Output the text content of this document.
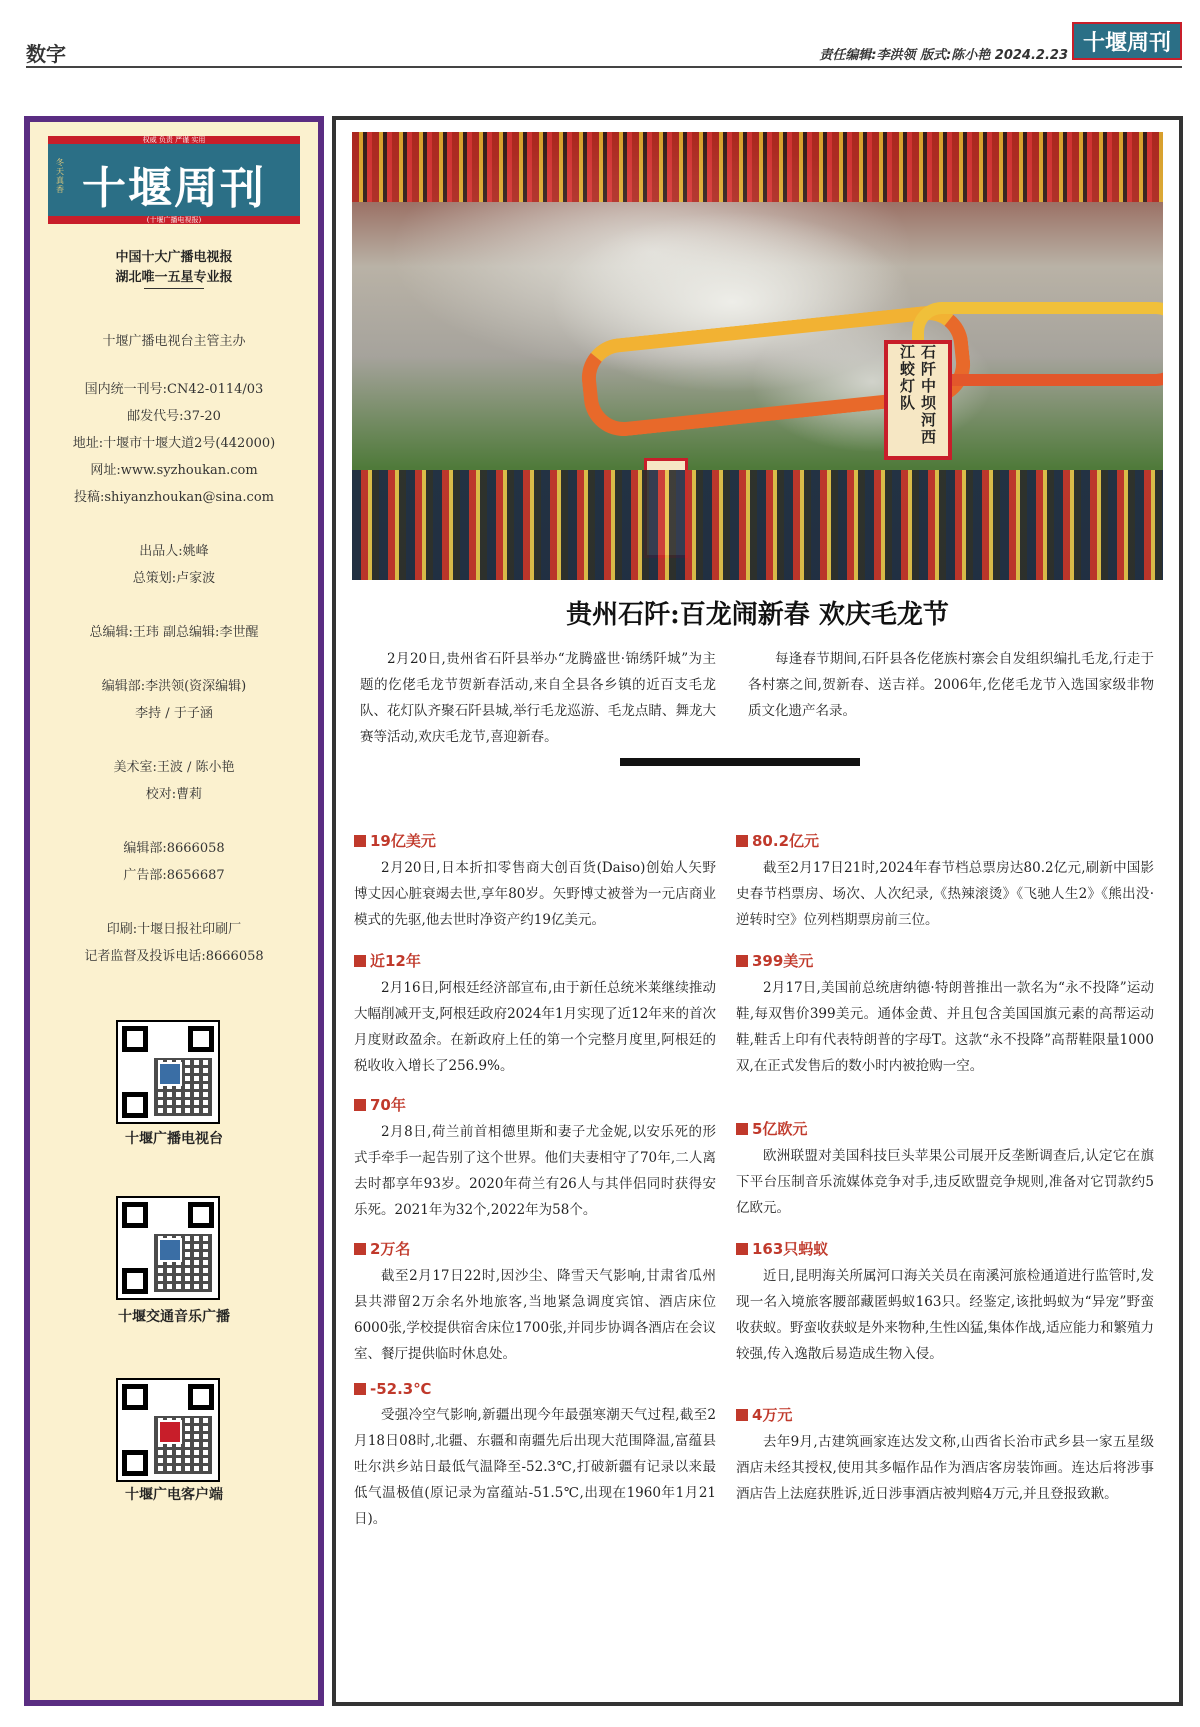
数字	责任编辑:李洪领 版式:陈小艳 2024.2.23 十堰周刊
权威 负责 严谨 实用
冬天真香 十堰周刊
(十堰广播电视报)
中国十大广播电视报
湖北唯一五星专业报
十堰广播电视台主管主办
国内统一刊号:CN42-0114/03
邮发代号:37-20
地址:十堰市十堰大道2号(442000)
网址:www.syzhoukan.com
投稿:shiyanzhoukan@sina.com
出品人:姚峰
总策划:卢家波
总编辑:王玮 副总编辑:李世醒
编辑部:李洪领(资深编辑)
李持 / 于子涵
美术室:王波 / 陈小艳
校对:曹莉
编辑部:8666058
广告部:8656687
印刷:十堰日报社印刷厂
记者监督及投诉电话:8666058
十堰广播电视台
十堰交通音乐广播
十堰广电客户端
石阡中坝河西江蛟灯队
贵州石阡:百龙闹新春 欢庆毛龙节

2月20日,贵州省石阡县举办“龙腾盛世·锦绣阡城”为主题的仡佬毛龙节贺新春活动,来自全县各乡镇的近百支毛龙队、花灯队齐聚石阡县城,举行毛龙巡游、毛龙点睛、舞龙大赛等活动,欢庆毛龙节,喜迎新春。

每逢春节期间,石阡县各仡佬族村寨会自发组织编扎毛龙,行走于各村寨之间,贺新春、送吉祥。2006年,仡佬毛龙节入选国家级非物质文化遗产名录。

19亿美元

2月20日,日本折扣零售商大创百货(Daiso)创始人矢野博丈因心脏衰竭去世,享年80岁。矢野博丈被誉为一元店商业模式的先驱,他去世时净资产约19亿美元。

近12年

2月16日,阿根廷经济部宣布,由于新任总统米莱继续推动大幅削减开支,阿根廷政府2024年1月实现了近12年来的首次月度财政盈余。在新政府上任的第一个完整月度里,阿根廷的税收收入增长了256.9%。

70年

2月8日,荷兰前首相德里斯和妻子尤金妮,以安乐死的形式手牵手一起告别了这个世界。他们夫妻相守了70年,二人离去时都享年93岁。2020年荷兰有26人与其伴侣同时获得安乐死。2021年为32个,2022年为58个。

2万名

截至2月17日22时,因沙尘、降雪天气影响,甘肃省瓜州县共滞留2万余名外地旅客,当地紧急调度宾馆、酒店床位6000张,学校提供宿舍床位1700张,并同步协调各酒店在会议室、餐厅提供临时休息处。

-52.3℃

受强冷空气影响,新疆出现今年最强寒潮天气过程,截至2月18日08时,北疆、东疆和南疆先后出现大范围降温,富蕴县吐尔洪乡站日最低气温降至-52.3℃,打破新疆有记录以来最低气温极值(原记录为富蕴站-51.5℃,出现在1960年1月21日)。

80.2亿元

截至2月17日21时,2024年春节档总票房达80.2亿元,刷新中国影史春节档票房、场次、人次纪录,《热辣滚烫》《飞驰人生2》《熊出没·逆转时空》位列档期票房前三位。

399美元

2月17日,美国前总统唐纳德·特朗普推出一款名为“永不投降”运动鞋,每双售价399美元。通体金黄、并且包含美国国旗元素的高帮运动鞋,鞋舌上印有代表特朗普的字母T。这款“永不投降”高帮鞋限量1000双,在正式发售后的数小时内被抢购一空。

5亿欧元

欧洲联盟对美国科技巨头苹果公司展开反垄断调查后,认定它在旗下平台压制音乐流媒体竞争对手,违反欧盟竞争规则,准备对它罚款约5亿欧元。

163只蚂蚁

近日,昆明海关所属河口海关关员在南溪河旅检通道进行监管时,发现一名入境旅客腰部藏匿蚂蚁163只。经鉴定,该批蚂蚁为“异宠”野蛮收获蚁。野蛮收获蚁是外来物种,生性凶猛,集体作战,适应能力和繁殖力较强,传入逸散后易造成生物入侵。

4万元

去年9月,古建筑画家连达发文称,山西省长治市武乡县一家五星级酒店未经其授权,使用其多幅作品作为酒店客房装饰画。连达后将涉事酒店告上法庭获胜诉,近日涉事酒店被判赔4万元,并且登报致歉。
